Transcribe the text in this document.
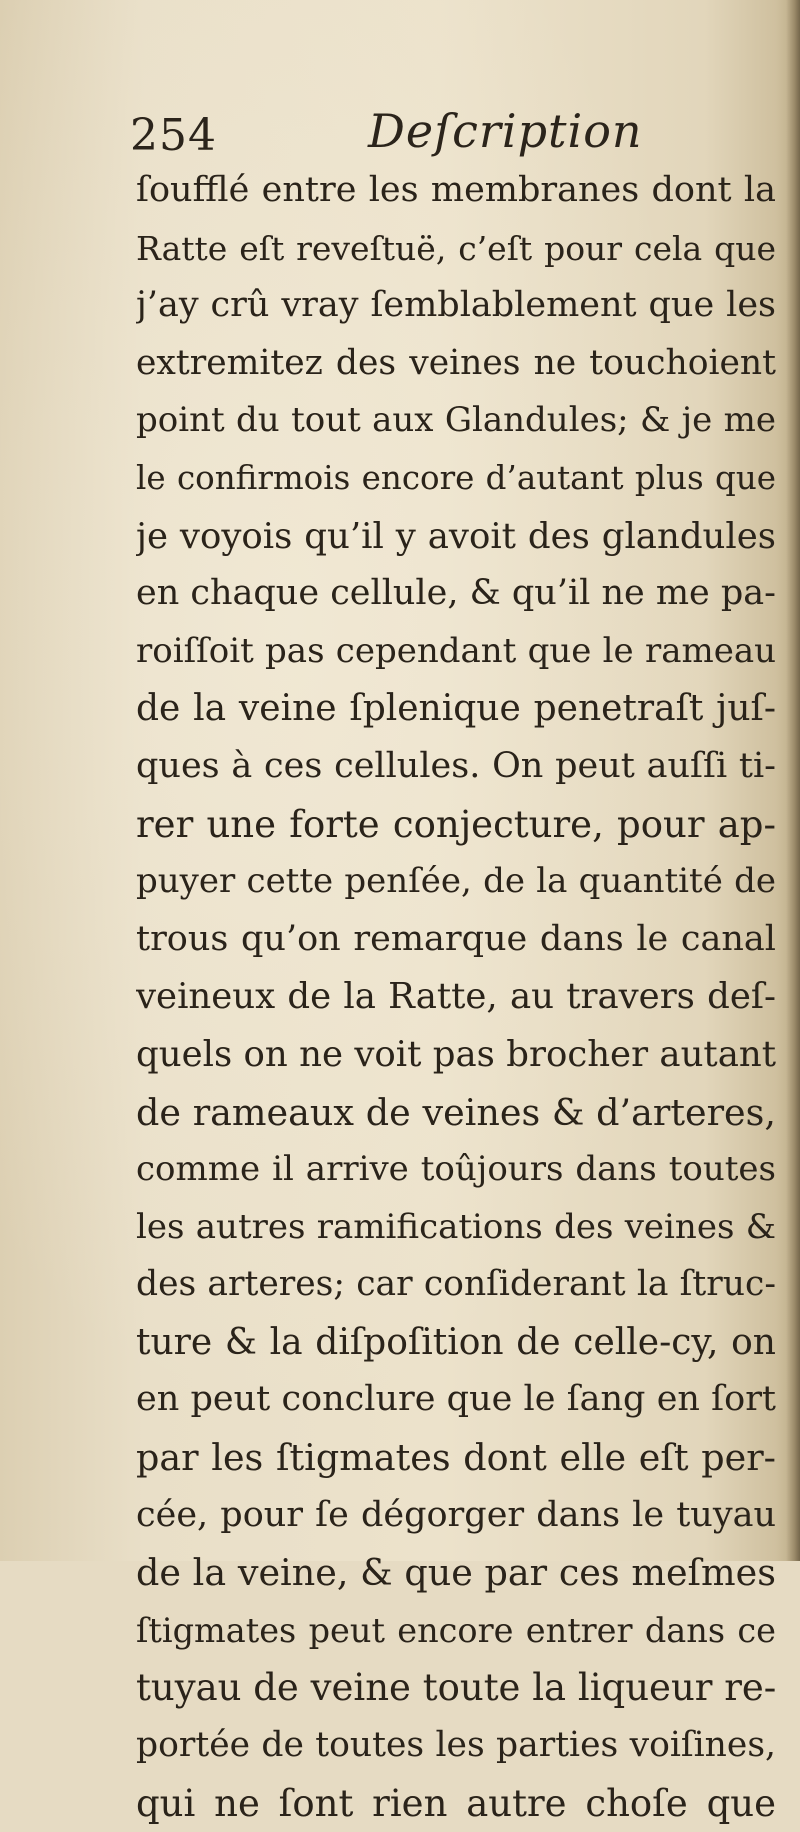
254	Deſcription
ſoufflé entre les membranes dont la
Ratte eſt reveſtuë, c’eſt pour cela que
j’ay crû vray ſemblablement que les
extremitez des veines ne touchoient
point du tout aux Glandules; & je me
le confirmois encore d’autant plus que
je voyois qu’il y avoit des glandules
en chaque cellule, & qu’il ne me pa-
roiſſoit pas cependant que le rameau
de la veine ſplenique penetraſt juſ-
ques à ces cellules. On peut auſſi ti-
rer une forte conjecture, pour ap-
puyer cette penſée, de la quantité de
trous qu’on remarque dans le canal
veineux de la Ratte, au travers deſ-
quels on ne voit pas brocher autant
de rameaux de veines & d’arteres,
comme il arrive toûjours dans toutes
les autres ramifications des veines &
des arteres; car conſiderant la ſtruc-
ture & la diſpoſition de celle-cy, on
en peut conclure que le ſang en ſort
par les ſtigmates dont elle eſt per-
cée, pour ſe dégorger dans le tuyau
de la veine, & que par ces meſmes
ſtigmates peut encore entrer dans ce
tuyau de veine toute la liqueur re-
portée de toutes les parties voiſines,
qui ne ſont rien autre choſe que
